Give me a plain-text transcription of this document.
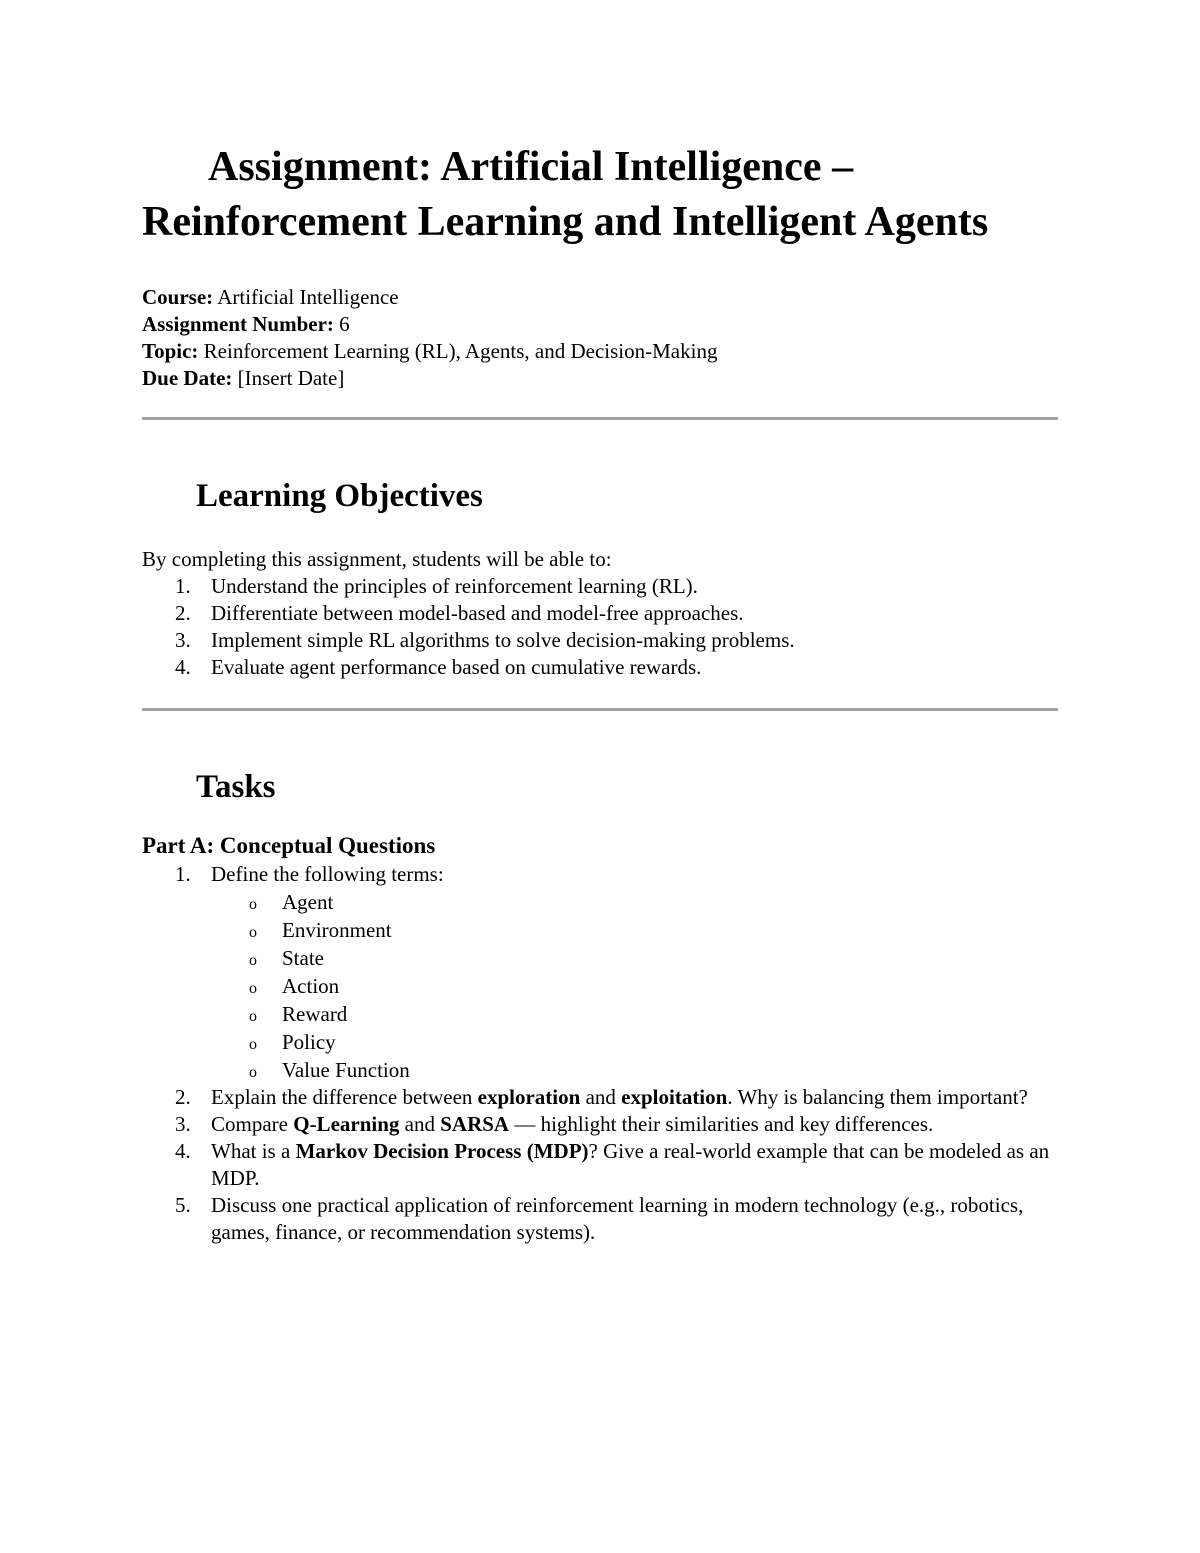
Assignment: Artificial Intelligence – Reinforcement Learning and Intelligent Agents
Course: Artificial Intelligence
Assignment Number: 6
Topic: Reinforcement Learning (RL), Agents, and Decision-Making
Due Date: [Insert Date]
Learning Objectives
By completing this assignment, students will be able to:
1. Understand the principles of reinforcement learning (RL).
2. Differentiate between model-based and model-free approaches.
3. Implement simple RL algorithms to solve decision-making problems.
4. Evaluate agent performance based on cumulative rewards.
Tasks
Part A: Conceptual Questions
1. Define the following terms:
o Agent
o Environment
o State
o Action
o Reward
o Policy
o Value Function
2. Explain the difference between exploration and exploitation. Why is balancing them important?
3. Compare Q-Learning and SARSA — highlight their similarities and key differences.
4. What is a Markov Decision Process (MDP)? Give a real-world example that can be modeled as an MDP.
5. Discuss one practical application of reinforcement learning in modern technology (e.g., robotics, games, finance, or recommendation systems).
